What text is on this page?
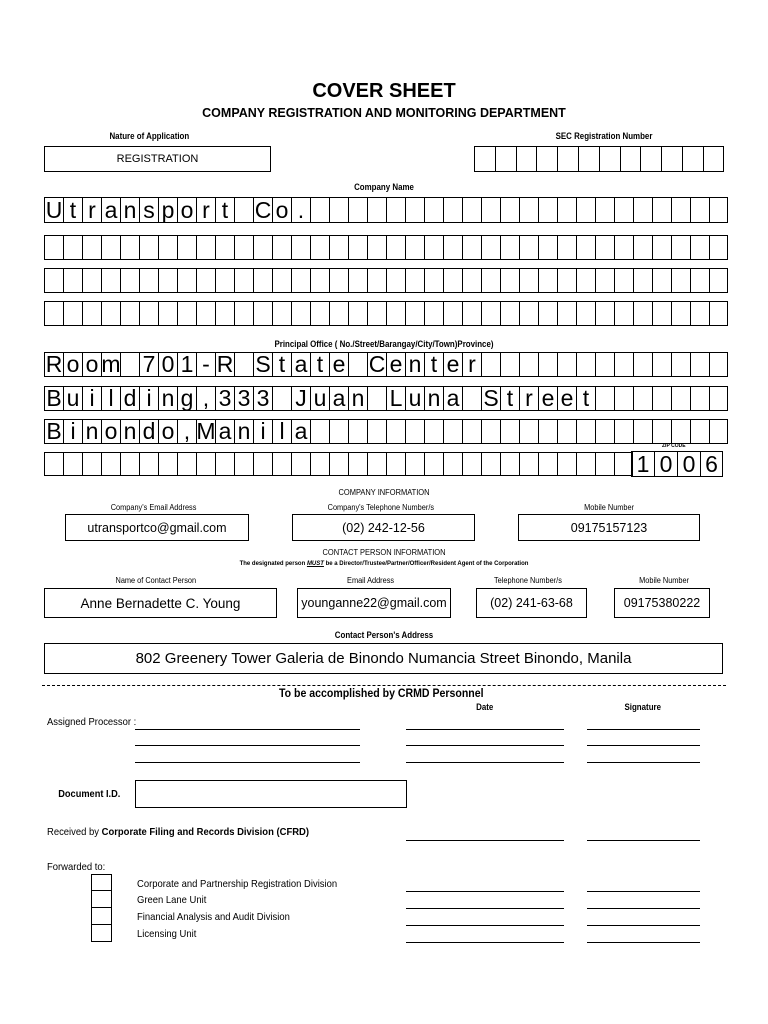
COVER SHEET
COMPANY REGISTRATION AND MONITORING DEPARTMENT
Nature of Application
REGISTRATION
SEC Registration Number
Company Name
U t r a n s p o r t C o .
Principal Office ( No./Street/Barangay/City/Town)Province)
R o o m 7 0 1 - R S t a t e C e n t e r
B u i l d i n g , 3 3 3 J u a n L u n a S t r e e t
B i n o n d o , M a n i l a
ZIP CODE
1 0 0 6
COMPANY INFORMATION
Company's Email Address
utransportco@gmail.com
Company's Telephone Number/s
(02) 242-12-56
Mobile Number
09175157123
CONTACT PERSON INFORMATION
The designated person MUST be a Director/Trustee/Partner/Officer/Resident Agent of the Corporation
Name of Contact Person
Anne Bernadette C. Young
Email Address
younganne22@gmail.com
Telephone Number/s
(02) 241-63-68
Mobile Number
09175380222
Contact Person's Address
802 Greenery Tower Galeria de Binondo Numancia Street Binondo, Manila
To be accomplished by CRMD Personnel
Date	Signature
Assigned Processor :
Document I.D.
Received by Corporate Filing and Records Division (CFRD)
Forwarded to:
Corporate and Partnership Registration Division
Green Lane Unit
Financial Analysis and Audit Division
Licensing Unit
